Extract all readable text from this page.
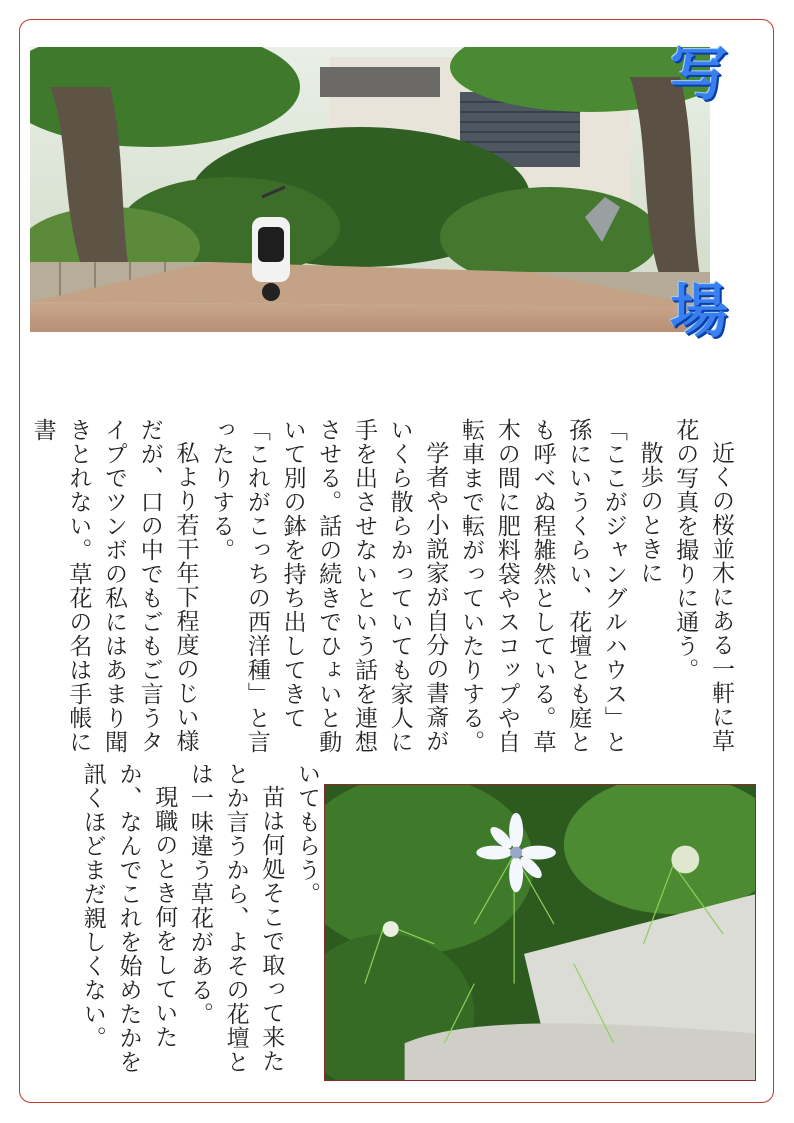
写
場

近くの桜並木にある一軒に草花の写真を撮りに通う。

散歩のときに

「ここがジャングルハウス」と孫にいうくらい、花壇とも庭とも呼べぬ程雑然としている。草木の間に肥料袋やスコップや自転車まで転がっていたりする。

学者や小説家が自分の書斎がいくら散らかっていても家人に手を出させないという話を連想させる。話の続きでひょいと動いて別の鉢を持ち出してきて「これがこっちの西洋種」と言ったりする。

私より若干年下程度のじい様だが、口の中でもごもご言うタイプでツンボの私にはあまり聞きとれない。草花の名は手帳に書

いてもらう。

苗は何処そこで取って来たとか言うから、よその花壇とは一味違う草花がある。

現職のとき何をしていたか、なんでこれを始めたかを訊くほどまだ親しくない。
